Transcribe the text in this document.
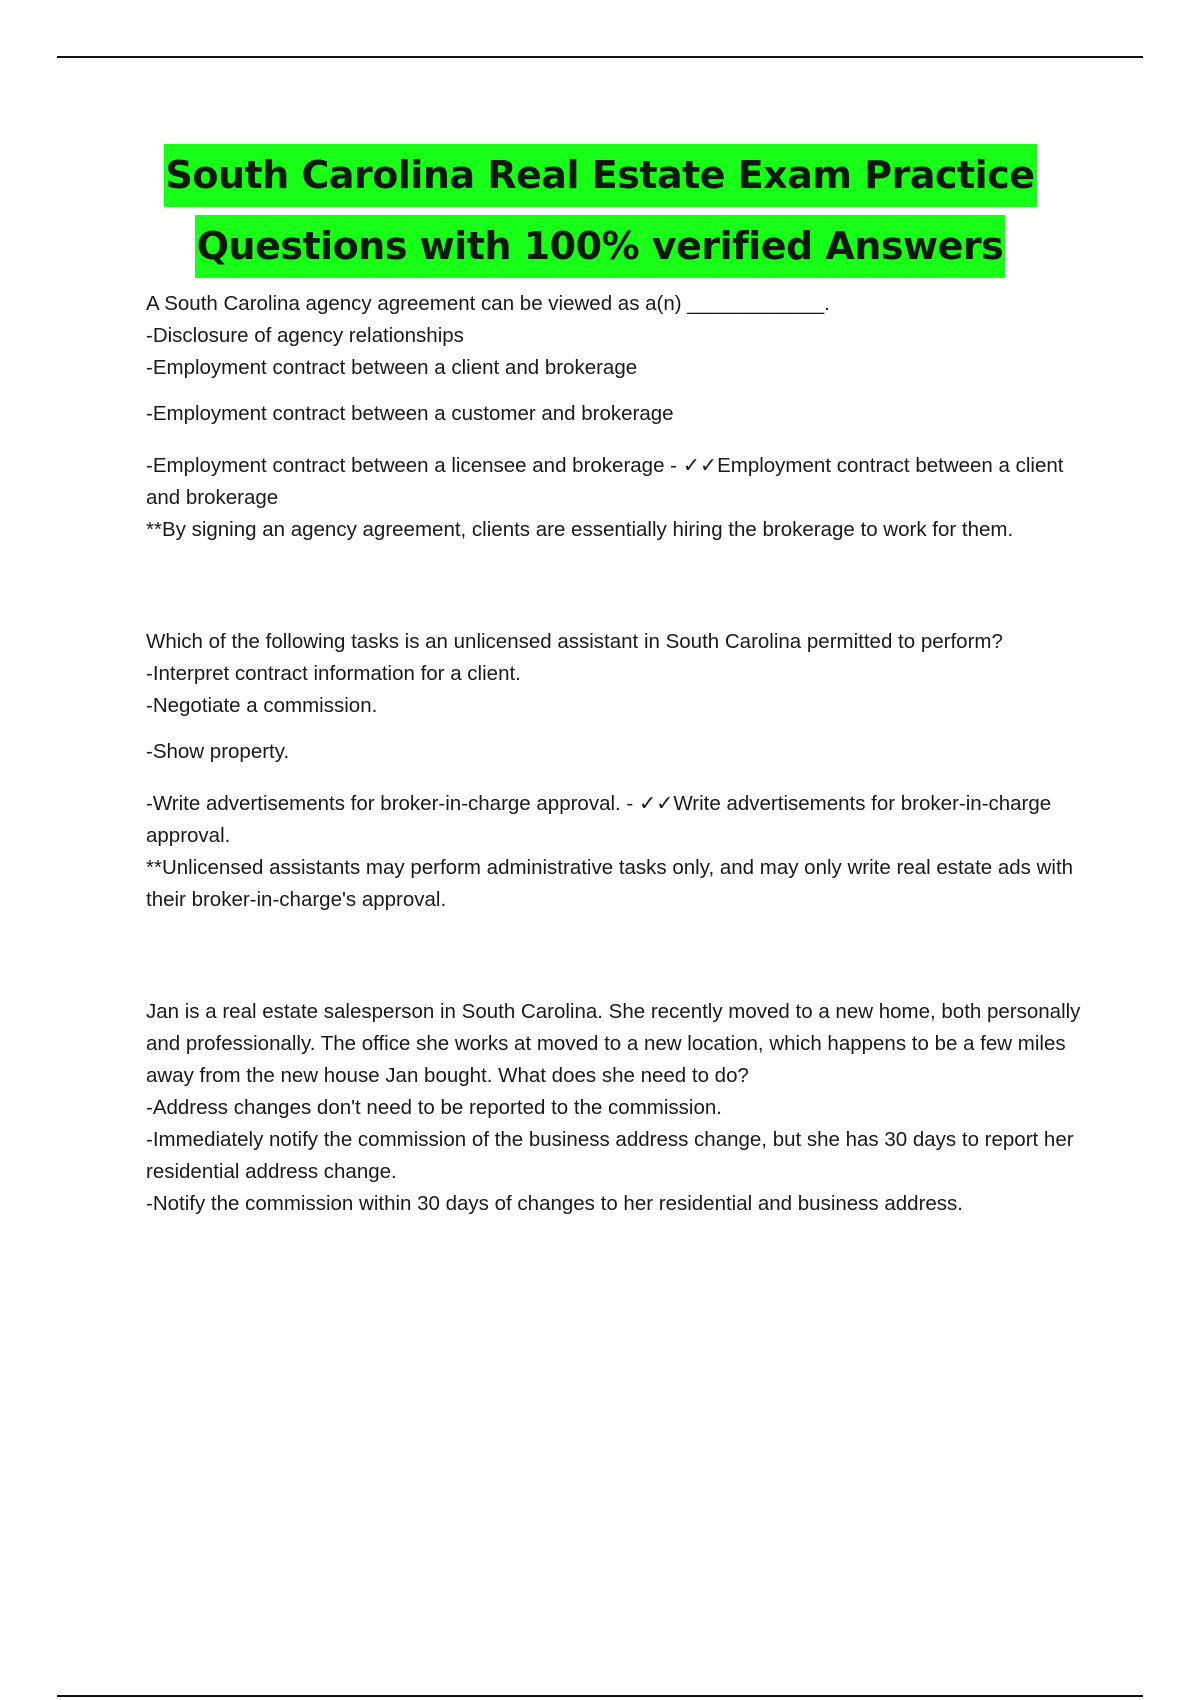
South Carolina Real Estate Exam Practice
Questions with 100% verified Answers

A South Carolina agency agreement can be viewed as a(n) ____________.

-Disclosure of agency relationships

-Employment contract between a client and brokerage

-Employment contract between a customer and brokerage

-Employment contract between a licensee and brokerage - ✓✓Employment contract between a client and brokerage

**By signing an agency agreement, clients are essentially hiring the brokerage to work for them.

Which of the following tasks is an unlicensed assistant in South Carolina permitted to perform?

-Interpret contract information for a client.

-Negotiate a commission.

-Show property.

-Write advertisements for broker-in-charge approval. - ✓✓Write advertisements for broker-in-charge approval.

**Unlicensed assistants may perform administrative tasks only, and may only write real estate ads with their broker-in-charge's approval.

Jan is a real estate salesperson in South Carolina. She recently moved to a new home, both personally and professionally. The office she works at moved to a new location, which happens to be a few miles away from the new house Jan bought. What does she need to do?

-Address changes don't need to be reported to the commission.

-Immediately notify the commission of the business address change, but she has 30 days to report her residential address change.

-Notify the commission within 30 days of changes to her residential and business address.
